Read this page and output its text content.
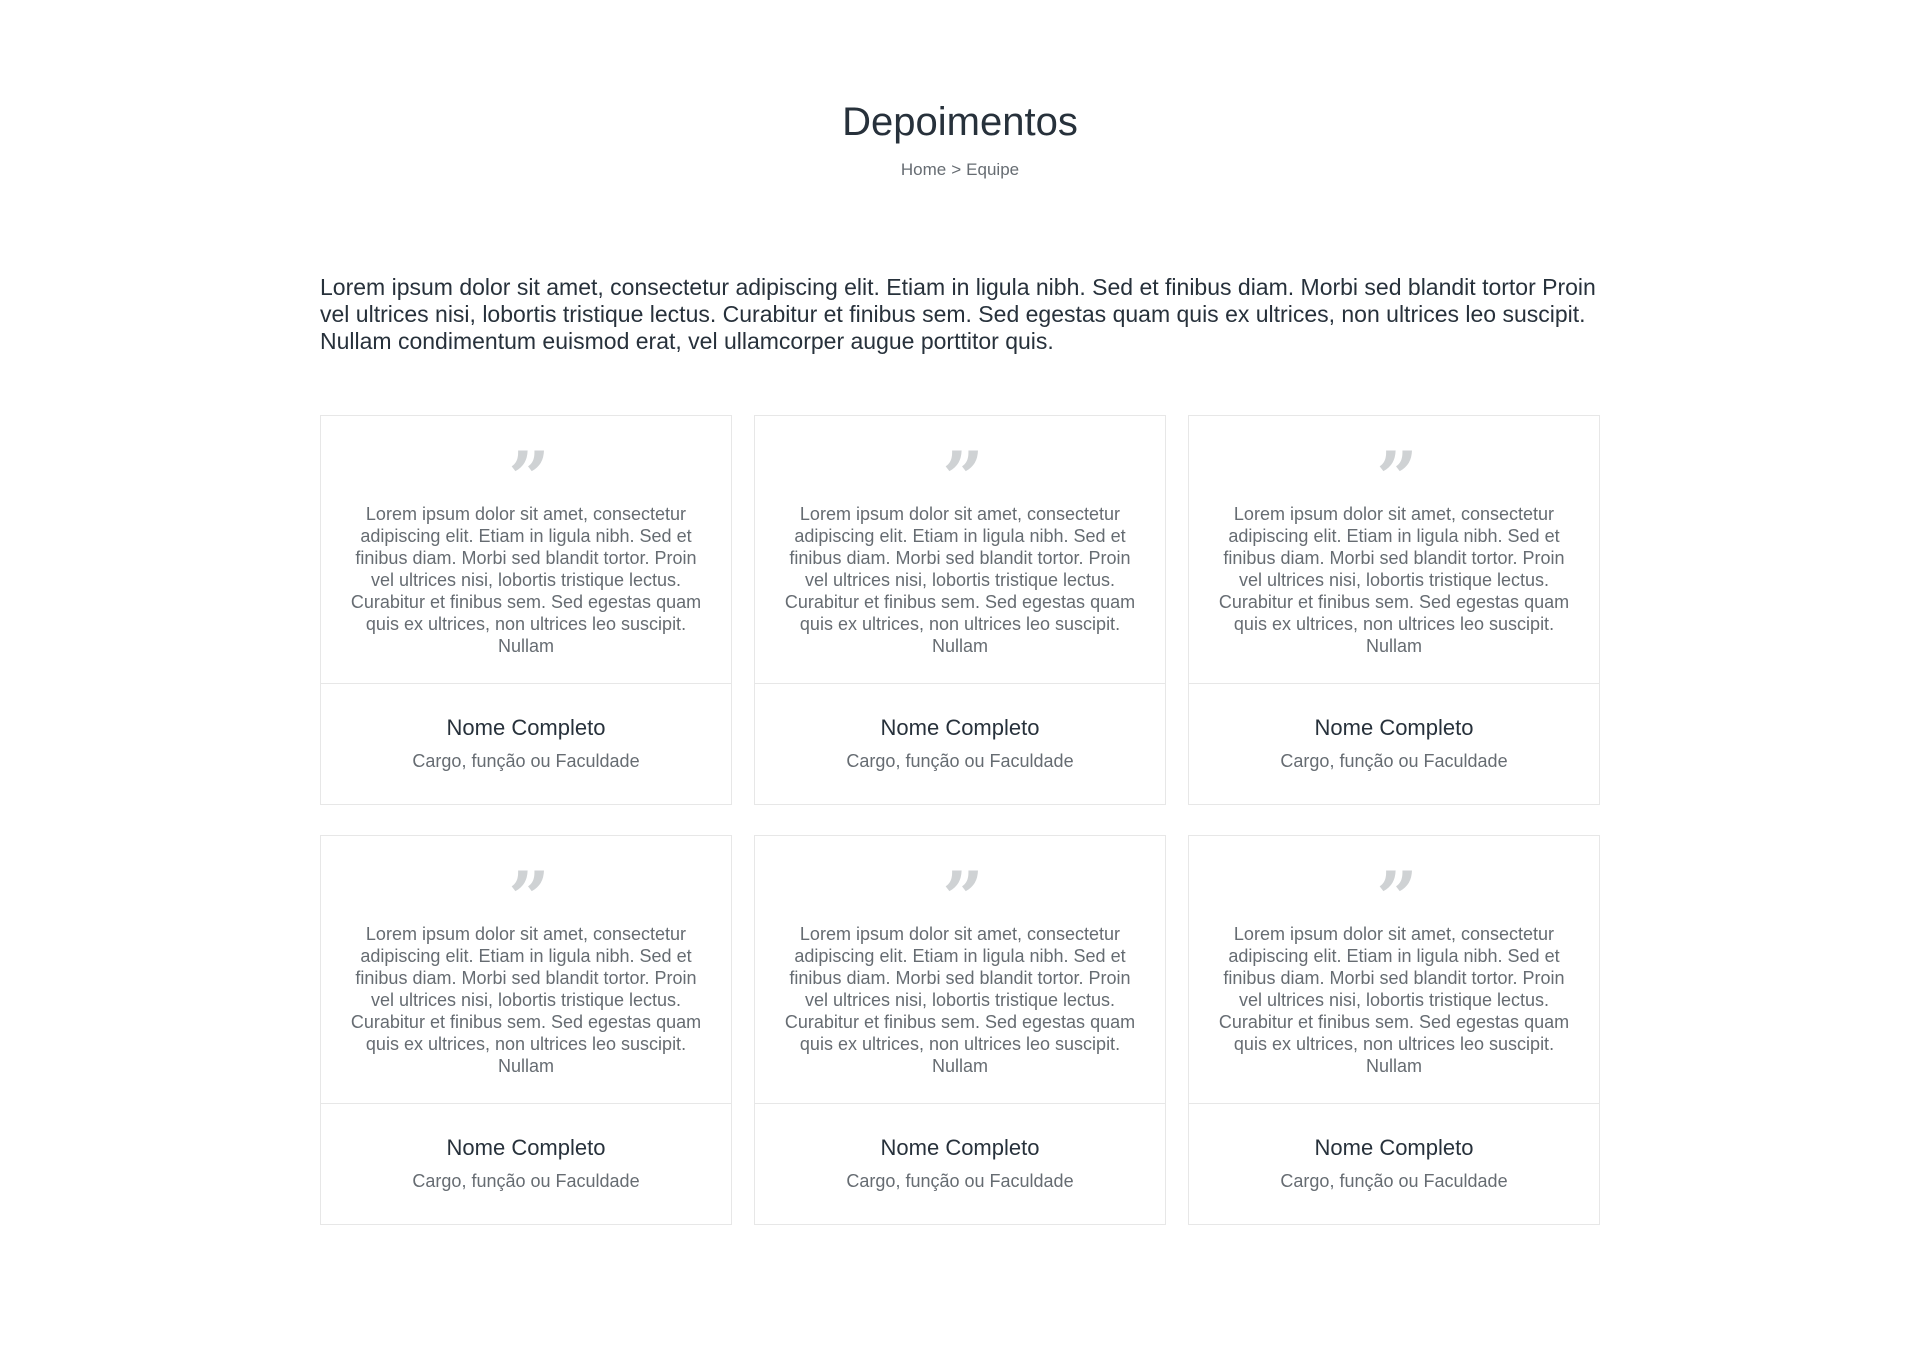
Depoimentos
Home > Equipe

Lorem ipsum dolor sit amet, consectetur adipiscing elit. Etiam in ligula nibh. Sed et finibus diam. Morbi sed blandit tortor Proin vel ultrices nisi, lobortis tristique lectus. Curabitur et finibus sem. Sed egestas quam quis ex ultrices, non ultrices leo suscipit. Nullam condimentum euismod erat, vel ullamcorper augue porttitor quis.

”

Lorem ipsum dolor sit amet, consectetur adipiscing elit. Etiam in ligula nibh. Sed et finibus diam. Morbi sed blandit tortor. Proin vel ultrices nisi, lobortis tristique lectus. Curabitur et finibus sem. Sed egestas quam quis ex ultrices, non ultrices leo suscipit. Nullam

Nome Completo
Cargo, função ou Faculdade
”

Lorem ipsum dolor sit amet, consectetur adipiscing elit. Etiam in ligula nibh. Sed et finibus diam. Morbi sed blandit tortor. Proin vel ultrices nisi, lobortis tristique lectus. Curabitur et finibus sem. Sed egestas quam quis ex ultrices, non ultrices leo suscipit. Nullam

Nome Completo
Cargo, função ou Faculdade
”

Lorem ipsum dolor sit amet, consectetur adipiscing elit. Etiam in ligula nibh. Sed et finibus diam. Morbi sed blandit tortor. Proin vel ultrices nisi, lobortis tristique lectus. Curabitur et finibus sem. Sed egestas quam quis ex ultrices, non ultrices leo suscipit. Nullam

Nome Completo
Cargo, função ou Faculdade
”

Lorem ipsum dolor sit amet, consectetur adipiscing elit. Etiam in ligula nibh. Sed et finibus diam. Morbi sed blandit tortor. Proin vel ultrices nisi, lobortis tristique lectus. Curabitur et finibus sem. Sed egestas quam quis ex ultrices, non ultrices leo suscipit. Nullam

Nome Completo
Cargo, função ou Faculdade
”

Lorem ipsum dolor sit amet, consectetur adipiscing elit. Etiam in ligula nibh. Sed et finibus diam. Morbi sed blandit tortor. Proin vel ultrices nisi, lobortis tristique lectus. Curabitur et finibus sem. Sed egestas quam quis ex ultrices, non ultrices leo suscipit. Nullam

Nome Completo
Cargo, função ou Faculdade
”

Lorem ipsum dolor sit amet, consectetur adipiscing elit. Etiam in ligula nibh. Sed et finibus diam. Morbi sed blandit tortor. Proin vel ultrices nisi, lobortis tristique lectus. Curabitur et finibus sem. Sed egestas quam quis ex ultrices, non ultrices leo suscipit. Nullam

Nome Completo
Cargo, função ou Faculdade
